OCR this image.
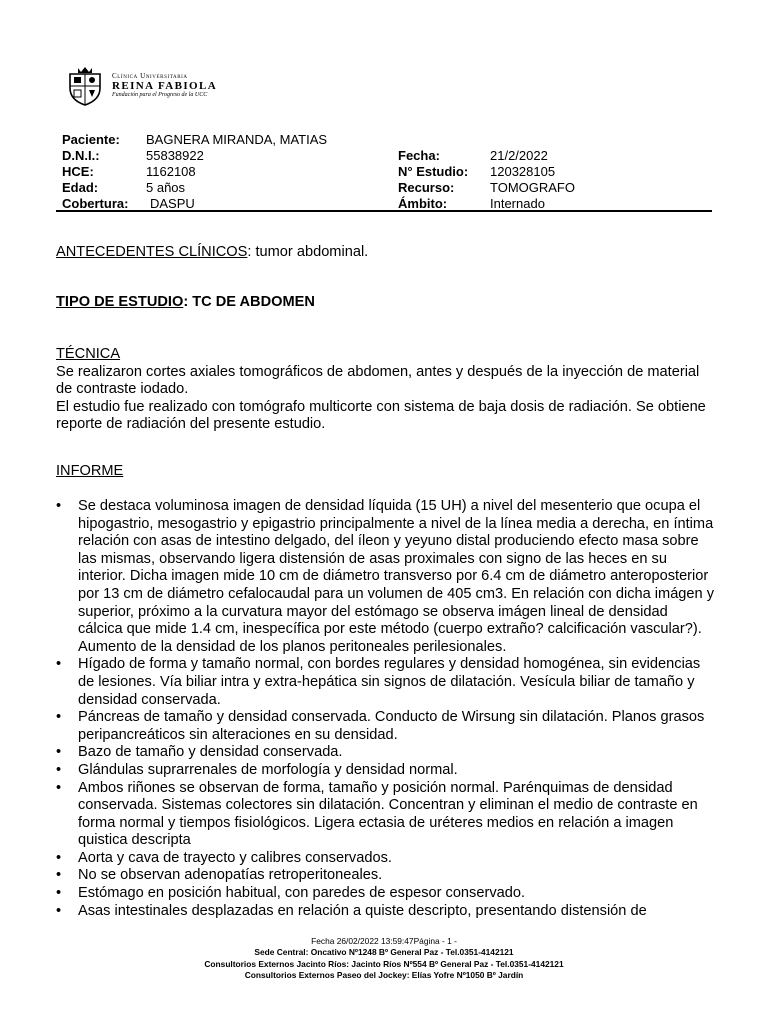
Clínica Universitaria
REINA FABIOLA
Fundación para el Progreso de la UCC
Paciente: BAGNERA MIRANDA, MATIAS
D.N.I.:	55838922	Fecha:	21/2/2022
HCE:	1162108	N° Estudio: 120328105
Edad:	5 años	Recurso:	TOMOGRAFO
Cobertura: DASPU	Ámbito:	Internado
ANTECEDENTES CLÍNICOS: tumor abdominal.
TIPO DE ESTUDIO: TC DE ABDOMEN
TÉCNICA
Se realizaron cortes axiales tomográficos de abdomen, antes y después de la inyección de material de contraste iodado.
El estudio fue realizado con tomógrafo multicorte con sistema de baja dosis de radiación. Se obtiene reporte de radiación del presente estudio.
INFORME
• Se destaca voluminosa imagen de densidad líquida (15 UH) a nivel del mesenterio que ocupa el hipogastrio, mesogastrio y epigastrio principalmente a nivel de la línea media a derecha, en íntima relación con asas de intestino delgado, del íleon y yeyuno distal produciendo efecto masa sobre las mismas, observando ligera distensión de asas proximales con signo de las heces en su interior. Dicha imagen mide 10 cm de diámetro transverso por 6.4 cm de diámetro anteroposterior por 13 cm de diámetro cefalocaudal para un volumen de 405 cm3. En relación con dicha imágen y superior, próximo a la curvatura mayor del estómago se observa imágen lineal de densidad cálcica que mide 1.4 cm, inespecífica por este método (cuerpo extraño? calcificación vascular?). Aumento de la densidad de los planos peritoneales perilesionales.
• Hígado de forma y tamaño normal, con bordes regulares y densidad homogénea, sin evidencias de lesiones. Vía biliar intra y extra-hepática sin signos de dilatación. Vesícula biliar de tamaño y densidad conservada.
• Páncreas de tamaño y densidad conservada. Conducto de Wirsung sin dilatación. Planos grasos peripancreáticos sin alteraciones en su densidad.
• Bazo de tamaño y densidad conservada.
• Glándulas suprarrenales de morfología y densidad normal.
• Ambos riñones se observan de forma, tamaño y posición normal. Parénquimas de densidad conservada. Sistemas colectores sin dilatación. Concentran y eliminan el medio de contraste en forma normal y tiempos fisiológicos. Ligera ectasia de uréteres medios en relación a imagen quistica descripta
• Aorta y cava de trayecto y calibres conservados.
• No se observan adenopatías retroperitoneales.
• Estómago en posición habitual, con paredes de espesor conservado.
• Asas intestinales desplazadas en relación a quiste descripto, presentando distensión de
Fecha 26/02/2022 13:59:47Página - 1 -
Sede Central: Oncativo Nº1248 Bº General Paz - Tel.0351-4142121
Consultorios Externos Jacinto Ríos: Jacinto Ríos Nº554 Bº General Paz - Tel.0351-4142121
Consultorios Externos Paseo del Jockey: Elías Yofre Nº1050 Bº Jardín
